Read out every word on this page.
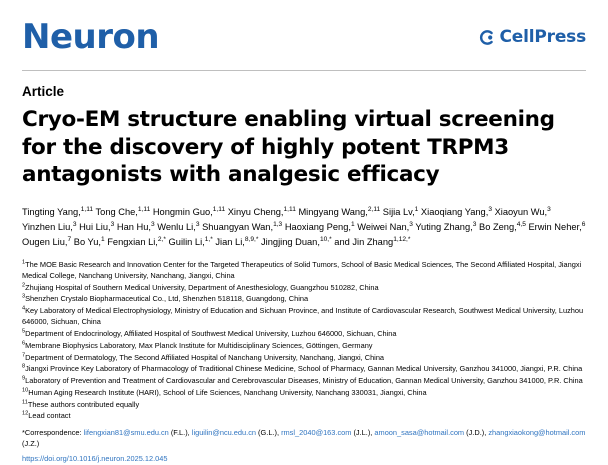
Neuron	CellPress
Article
Cryo-EM structure enabling virtual screening for the discovery of highly potent TRPM3 antagonists with analgesic efficacy
Tingting Yang,$^{1,11}$ Tong Che,$^{1,11}$ Hongmin Guo,$^{1,11}$ Xinyu Cheng,$^{1,11}$ Mingyang Wang,$^{2,11}$ Sijia Lv,$^1$ Xiaoqiang Yang,$^3$ Xiaoyun Wu,$^3$ Yinzhen Liu,$^3$ Hui Liu,$^3$ Han Hu,$^3$ Wenlu Li,$^3$ Shuangyan Wan,$^{1,3}$ Haoxiang Peng,$^1$ Weiwei Nan,$^3$ Yuting Zhang,$^3$ Bo Zeng,$^{4,5}$ Erwin Neher,$^6$ Ougen Liu,$^7$ Bo Yu,$^1$ Fengxian Li,$^{2,*}$ Guilin Li,$^{1,*}$ Jian Li,$^{8,9,*}$ Jingjing Duan,$^{10,*}$ and Jin Zhang$^{1,12,*}$
$^1$The MOE Basic Research and Innovation Center for the Targeted Therapeutics of Solid Tumors, School of Basic Medical Sciences, The Second Affiliated Hospital, Jiangxi Medical College, Nanchang University, Nanchang, Jiangxi, China
$^2$Zhujiang Hospital of Southern Medical University, Department of Anesthesiology, Guangzhou 510282, China
$^3$Shenzhen Crystalo Biopharmaceutical Co., Ltd, Shenzhen 518118, Guangdong, China
$^4$Key Laboratory of Medical Electrophysiology, Ministry of Education and Sichuan Province, and Institute of Cardiovascular Research, Southwest Medical University, Luzhou 646000, Sichuan, China
$^5$Department of Endocrinology, Affiliated Hospital of Southwest Medical University, Luzhou 646000, Sichuan, China
$^6$Membrane Biophysics Laboratory, Max Planck Institute for Multidisciplinary Sciences, Göttingen, Germany
$^7$Department of Dermatology, The Second Affiliated Hospital of Nanchang University, Nanchang, Jiangxi, China
$^8$Jiangxi Province Key Laboratory of Pharmacology of Traditional Chinese Medicine, School of Pharmacy, Gannan Medical University, Ganzhou 341000, Jiangxi, P.R. China
$^9$Laboratory of Prevention and Treatment of Cardiovascular and Cerebrovascular Diseases, Ministry of Education, Gannan Medical University, Ganzhou 341000, P.R. China
$^{10}$Human Aging Research Institute (HARI), School of Life Sciences, Nanchang University, Nanchang 330031, Jiangxi, China
$^{11}$These authors contributed equally
$^{12}$Lead contact
*Correspondence: lifengxian81@smu.edu.cn (F.L.), liguilin@ncu.edu.cn (G.L.), rmsl_2040@163.com (J.L.), amoon_sasa@hotmail.com (J.D.), zhangxiaokong@hotmail.com (J.Z.)
https://doi.org/10.1016/j.neuron.2025.12.045
